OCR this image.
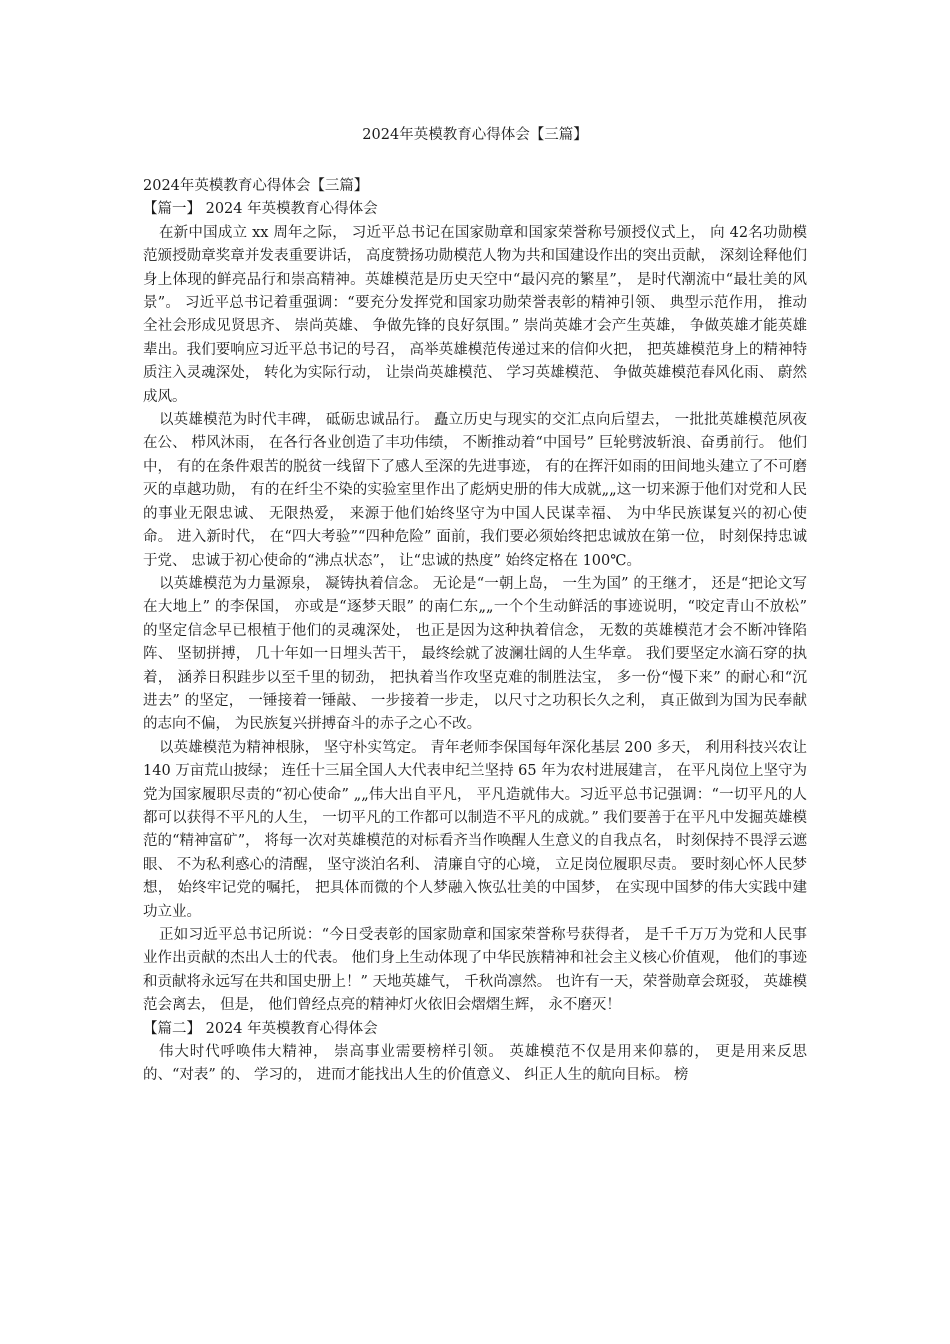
2024年英模教育心得体会【三篇】

2024年英模教育心得体会【三篇】

【篇一】 2024 年英模教育心得体会

在新中国成立 xx 周年之际， 习近平总书记在国家勋章和国家荣誉称号颁授仪式上， 向 42名功勋模范颁授勋章奖章并发表重要讲话， 高度赞扬功勋模范人物为共和国建设作出的突出贡献， 深刻诠释他们身上体现的鲜亮品行和崇高精神。英雄模范是历史天空中“最闪亮的繁星”， 是时代潮流中“最壮美的风景”。 习近平总书记着重强调：“要充分发挥党和国家功勋荣誉表彰的精神引领、 典型示范作用， 推动全社会形成见贤思齐、 崇尚英雄、 争做先锋的良好氛围。” 崇尚英雄才会产生英雄， 争做英雄才能英雄辈出。我们要响应习近平总书记的号召， 高举英雄模范传递过来的信仰火把， 把英雄模范身上的精神特质注入灵魂深处， 转化为实际行动， 让崇尚英雄模范、 学习英雄模范、 争做英雄模范春风化雨、 蔚然成风。

以英雄模范为时代丰碑， 砥砺忠诚品行。 矗立历史与现实的交汇点向后望去， 一批批英雄模范夙夜在公、 栉风沐雨， 在各行各业创造了丰功伟绩， 不断推动着“中国号” 巨轮劈波斩浪、奋勇前行。 他们中， 有的在条件艰苦的脱贫一线留下了感人至深的先进事迹， 有的在挥汗如雨的田间地头建立了不可磨灭的卓越功勋， 有的在纤尘不染的实验室里作出了彪炳史册的伟大成就„„这一切来源于他们对党和人民的事业无限忠诚、 无限热爱， 来源于他们始终坚守为中国人民谋幸福、 为中华民族谋复兴的初心使命。 进入新时代， 在“四大考验”“四种危险” 面前，我们要必须始终把忠诚放在第一位， 时刻保持忠诚于党、 忠诚于初心使命的“沸点状态”， 让“忠诚的热度” 始终定格在 100℃。

以英雄模范为力量源泉， 凝铸执着信念。 无论是“一朝上岛， 一生为国” 的王继才， 还是“把论文写在大地上” 的李保国， 亦或是“逐梦天眼” 的南仁东„„一个个生动鲜活的事迹说明，“咬定青山不放松” 的坚定信念早已根植于他们的灵魂深处， 也正是因为这种执着信念， 无数的英雄模范才会不断冲锋陷阵、 坚韧拼搏， 几十年如一日埋头苦干， 最终绘就了波澜壮阔的人生华章。 我们要坚定水滴石穿的执着， 涵养日积跬步以至千里的韧劲， 把执着当作攻坚克难的制胜法宝， 多一份“慢下来” 的耐心和“沉进去” 的坚定， 一锤接着一锤敲、 一步接着一步走， 以尺寸之功积长久之利， 真正做到为国为民奉献的志向不偏， 为民族复兴拼搏奋斗的赤子之心不改。

以英雄模范为精神根脉， 坚守朴实笃定。 青年老师李保国每年深化基层 200 多天， 利用科技兴农让 140 万亩荒山披绿； 连任十三届全国人大代表申纪兰坚持 65 年为农村进展建言， 在平凡岗位上坚守为党为国家履职尽责的“初心使命” „„伟大出自平凡， 平凡造就伟大。习近平总书记强调：“一切平凡的人都可以获得不平凡的人生， 一切平凡的工作都可以制造不平凡的成就。” 我们要善于在平凡中发掘英雄模范的“精神富矿”， 将每一次对英雄模范的对标看齐当作唤醒人生意义的自我点名， 时刻保持不畏浮云遮眼、 不为私利惑心的清醒， 坚守淡泊名利、 清廉自守的心境， 立足岗位履职尽责。 要时刻心怀人民梦想， 始终牢记党的嘱托， 把具体而微的个人梦融入恢弘壮美的中国梦， 在实现中国梦的伟大实践中建功立业。

正如习近平总书记所说：“今日受表彰的国家勋章和国家荣誉称号获得者， 是千千万万为党和人民事业作出贡献的杰出人士的代表。 他们身上生动体现了中华民族精神和社会主义核心价值观， 他们的事迹和贡献将永远写在共和国史册上！” 天地英雄气， 千秋尚凛然。 也许有一天，荣誉勋章会斑驳， 英雄模范会离去， 但是， 他们曾经点亮的精神灯火依旧会熠熠生辉， 永不磨灭！

【篇二】 2024 年英模教育心得体会

伟大时代呼唤伟大精神， 崇高事业需要榜样引领。 英雄模范不仅是用来仰慕的， 更是用来反思的、“对表” 的、 学习的， 进而才能找出人生的价值意义、 纠正人生的航向目标。 榜
